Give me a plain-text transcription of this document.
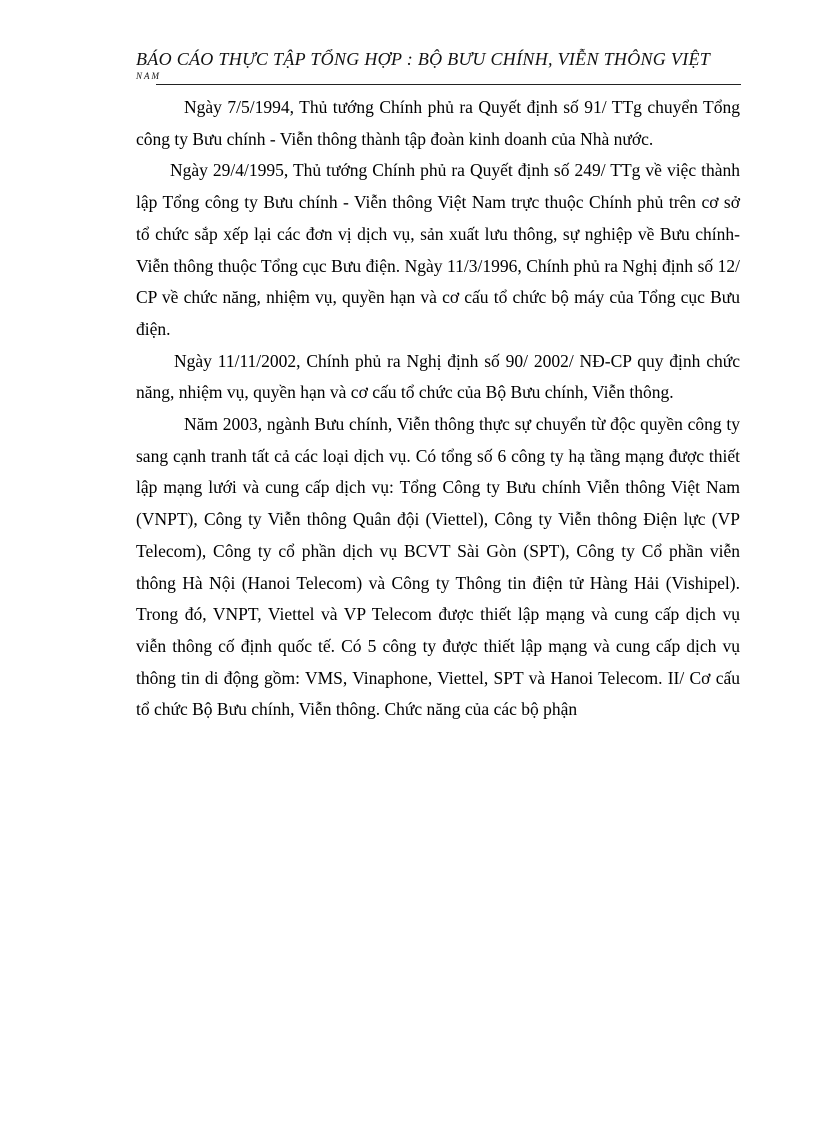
BÁO CÁO THỰC TẬP TỔNG HỢP : BỘ BƯU CHÍNH, VIỄN THÔNG VIỆT
NAM

Ngày 7/5/1994, Thủ tướng Chính phủ ra Quyết định số 91/ TTg chuyển Tổng công ty Bưu chính - Viễn thông thành tập đoàn kinh doanh của Nhà nước.

Ngày 29/4/1995, Thủ tướng Chính phủ ra Quyết định số 249/ TTg về việc thành lập Tổng công ty Bưu chính - Viễn thông Việt Nam trực thuộc Chính phủ trên cơ sở tổ chức sắp xếp lại các đơn vị dịch vụ, sản xuất lưu thông, sự nghiệp về Bưu chính- Viễn thông thuộc Tổng cục Bưu điện. Ngày 11/3/1996, Chính phủ ra Nghị định số 12/ CP về chức năng, nhiệm vụ, quyền hạn và cơ cấu tổ chức bộ máy của Tổng cục Bưu điện.

Ngày 11/11/2002, Chính phủ ra Nghị định số 90/ 2002/ NĐ-CP quy định chức năng, nhiệm vụ, quyền hạn và cơ cấu tổ chức của Bộ Bưu chính, Viễn thông.

Năm 2003, ngành Bưu chính, Viễn thông thực sự chuyển từ độc quyền công ty sang cạnh tranh tất cả các loại dịch vụ. Có tổng số 6 công ty hạ tầng mạng được thiết lập mạng lưới và cung cấp dịch vụ: Tổng Công ty Bưu chính Viễn thông Việt Nam (VNPT), Công ty Viễn thông Quân đội (Viettel), Công ty Viễn thông Điện lực (VP Telecom), Công ty cổ phần dịch vụ BCVT Sài Gòn (SPT), Công ty Cổ phần viễn thông Hà Nội (Hanoi Telecom) và Công ty Thông tin điện tử Hàng Hải (Vishipel). Trong đó, VNPT, Viettel và VP Telecom được thiết lập mạng và cung cấp dịch vụ viễn thông cố định quốc tế. Có 5 công ty được thiết lập mạng và cung cấp dịch vụ thông tin di động gồm: VMS, Vinaphone, Viettel, SPT và Hanoi Telecom. II/ Cơ cấu tổ chức Bộ Bưu chính, Viễn thông. Chức năng của các bộ phận
